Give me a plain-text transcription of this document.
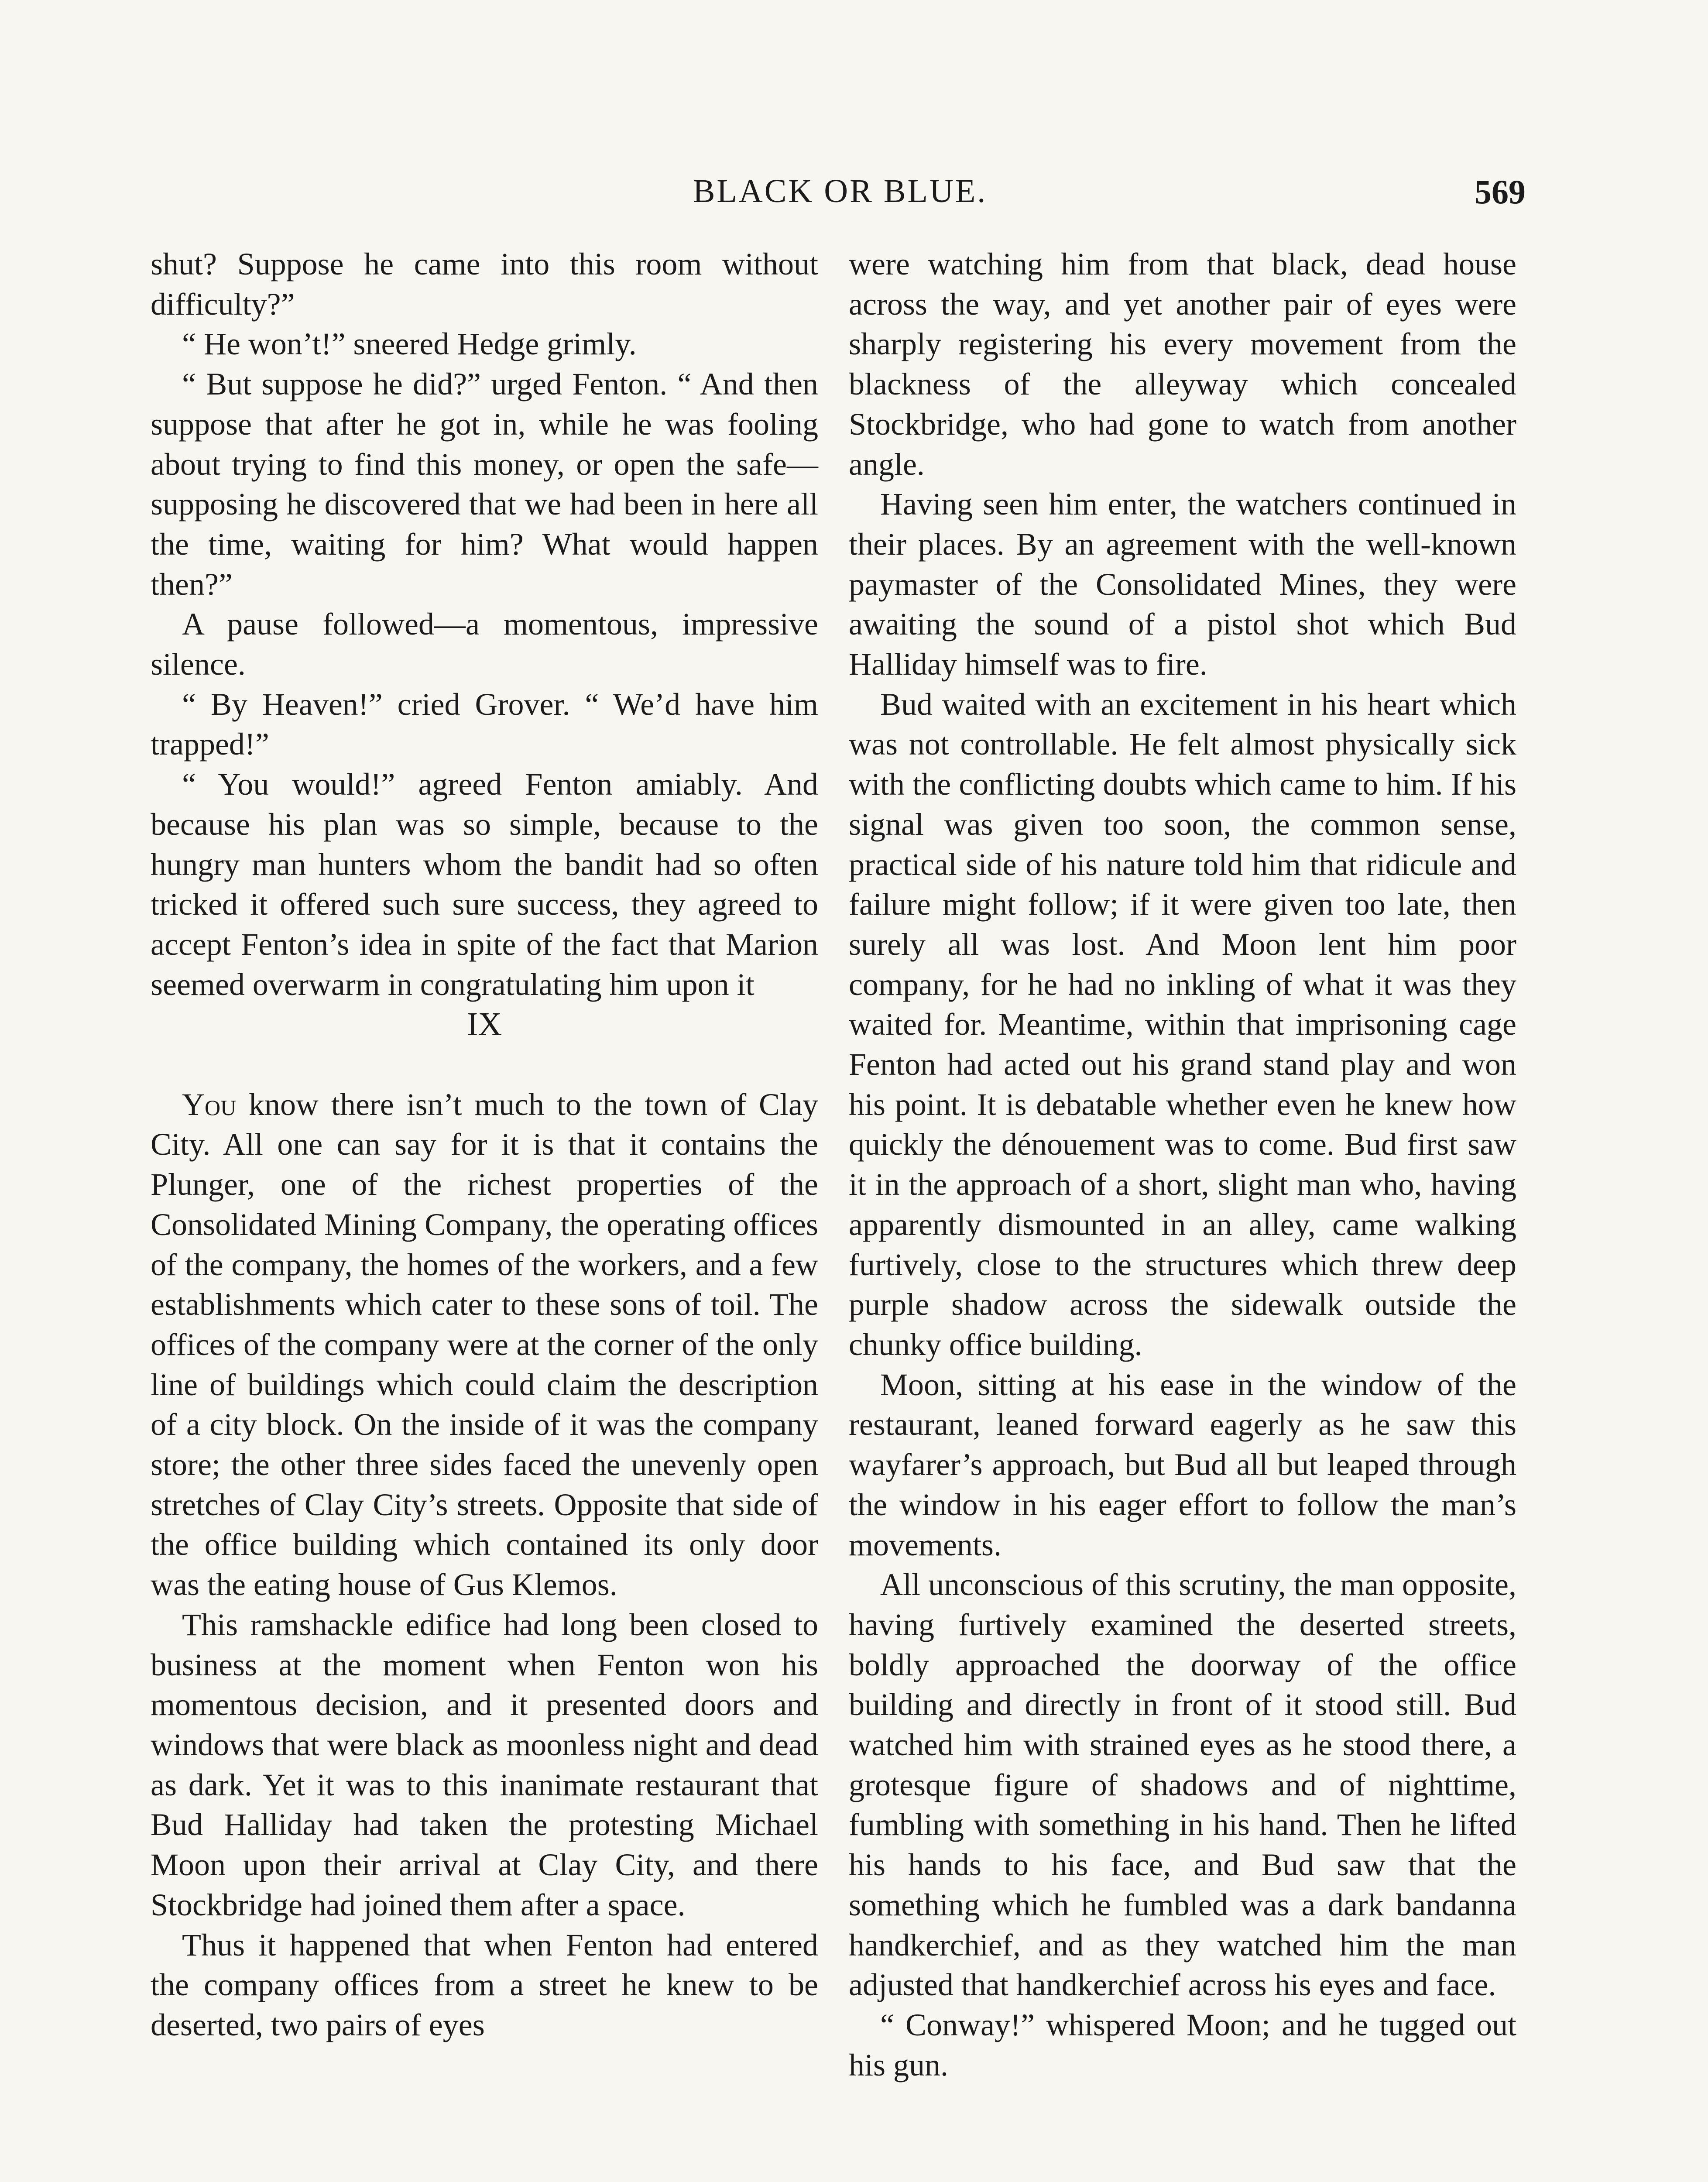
BLACK OR BLUE.	569

shut? Suppose he came into this room without difficulty?”

“ He won’t!” sneered Hedge grimly.

“ But suppose he did?” urged Fenton. “ And then suppose that after he got in, while he was fooling about trying to find this money, or open the safe—supposing he discovered that we had been in here all the time, waiting for him? What would happen then?”

A pause followed—a momentous, impressive silence.

“ By Heaven!” cried Grover. “ We’d have him trapped!”

“ You would!” agreed Fenton amiably. And because his plan was so simple, because to the hungry man hunters whom the bandit had so often tricked it offered such sure success, they agreed to accept Fenton’s idea in spite of the fact that Marion seemed overwarm in congratulating him upon it

IX

You know there isn’t much to the town of Clay City. All one can say for it is that it contains the Plunger, one of the richest properties of the Consolidated Mining Company, the operating offices of the company, the homes of the workers, and a few establishments which cater to these sons of toil. The offices of the company were at the corner of the only line of buildings which could claim the description of a city block. On the inside of it was the company store; the other three sides faced the unevenly open stretches of Clay City’s streets. Opposite that side of the office building which contained its only door was the eating house of Gus Klemos.

This ramshackle edifice had long been closed to business at the moment when Fenton won his momentous decision, and it presented doors and windows that were black as moonless night and dead as dark. Yet it was to this inanimate restaurant that Bud Halliday had taken the protesting Michael Moon upon their arrival at Clay City, and there Stockbridge had joined them after a space.

Thus it happened that when Fenton had entered the company offices from a street he knew to be deserted, two pairs of eyes

were watching him from that black, dead house across the way, and yet another pair of eyes were sharply registering his every movement from the blackness of the alleyway which concealed Stockbridge, who had gone to watch from another angle.

Having seen him enter, the watchers continued in their places. By an agreement with the well-known paymaster of the Consolidated Mines, they were awaiting the sound of a pistol shot which Bud Halliday himself was to fire.

Bud waited with an excitement in his heart which was not controllable. He felt almost physically sick with the conflicting doubts which came to him. If his signal was given too soon, the common sense, practical side of his nature told him that ridicule and failure might follow; if it were given too late, then surely all was lost. And Moon lent him poor company, for he had no inkling of what it was they waited for. Meantime, within that imprisoning cage Fenton had acted out his grand stand play and won his point. It is debatable whether even he knew how quickly the dénouement was to come. Bud first saw it in the approach of a short, slight man who, having apparently dismounted in an alley, came walking furtively, close to the structures which threw deep purple shadow across the sidewalk outside the chunky office building.

Moon, sitting at his ease in the window of the restaurant, leaned forward eagerly as he saw this wayfarer’s approach, but Bud all but leaped through the window in his eager effort to follow the man’s movements.

All unconscious of this scrutiny, the man opposite, having furtively examined the deserted streets, boldly approached the doorway of the office building and directly in front of it stood still. Bud watched him with strained eyes as he stood there, a grotesque figure of shadows and of nighttime, fumbling with something in his hand. Then he lifted his hands to his face, and Bud saw that the something which he fumbled was a dark bandanna handkerchief, and as they watched him the man adjusted that handkerchief across his eyes and face.

“ Conway!” whispered Moon; and he tugged out his gun.
